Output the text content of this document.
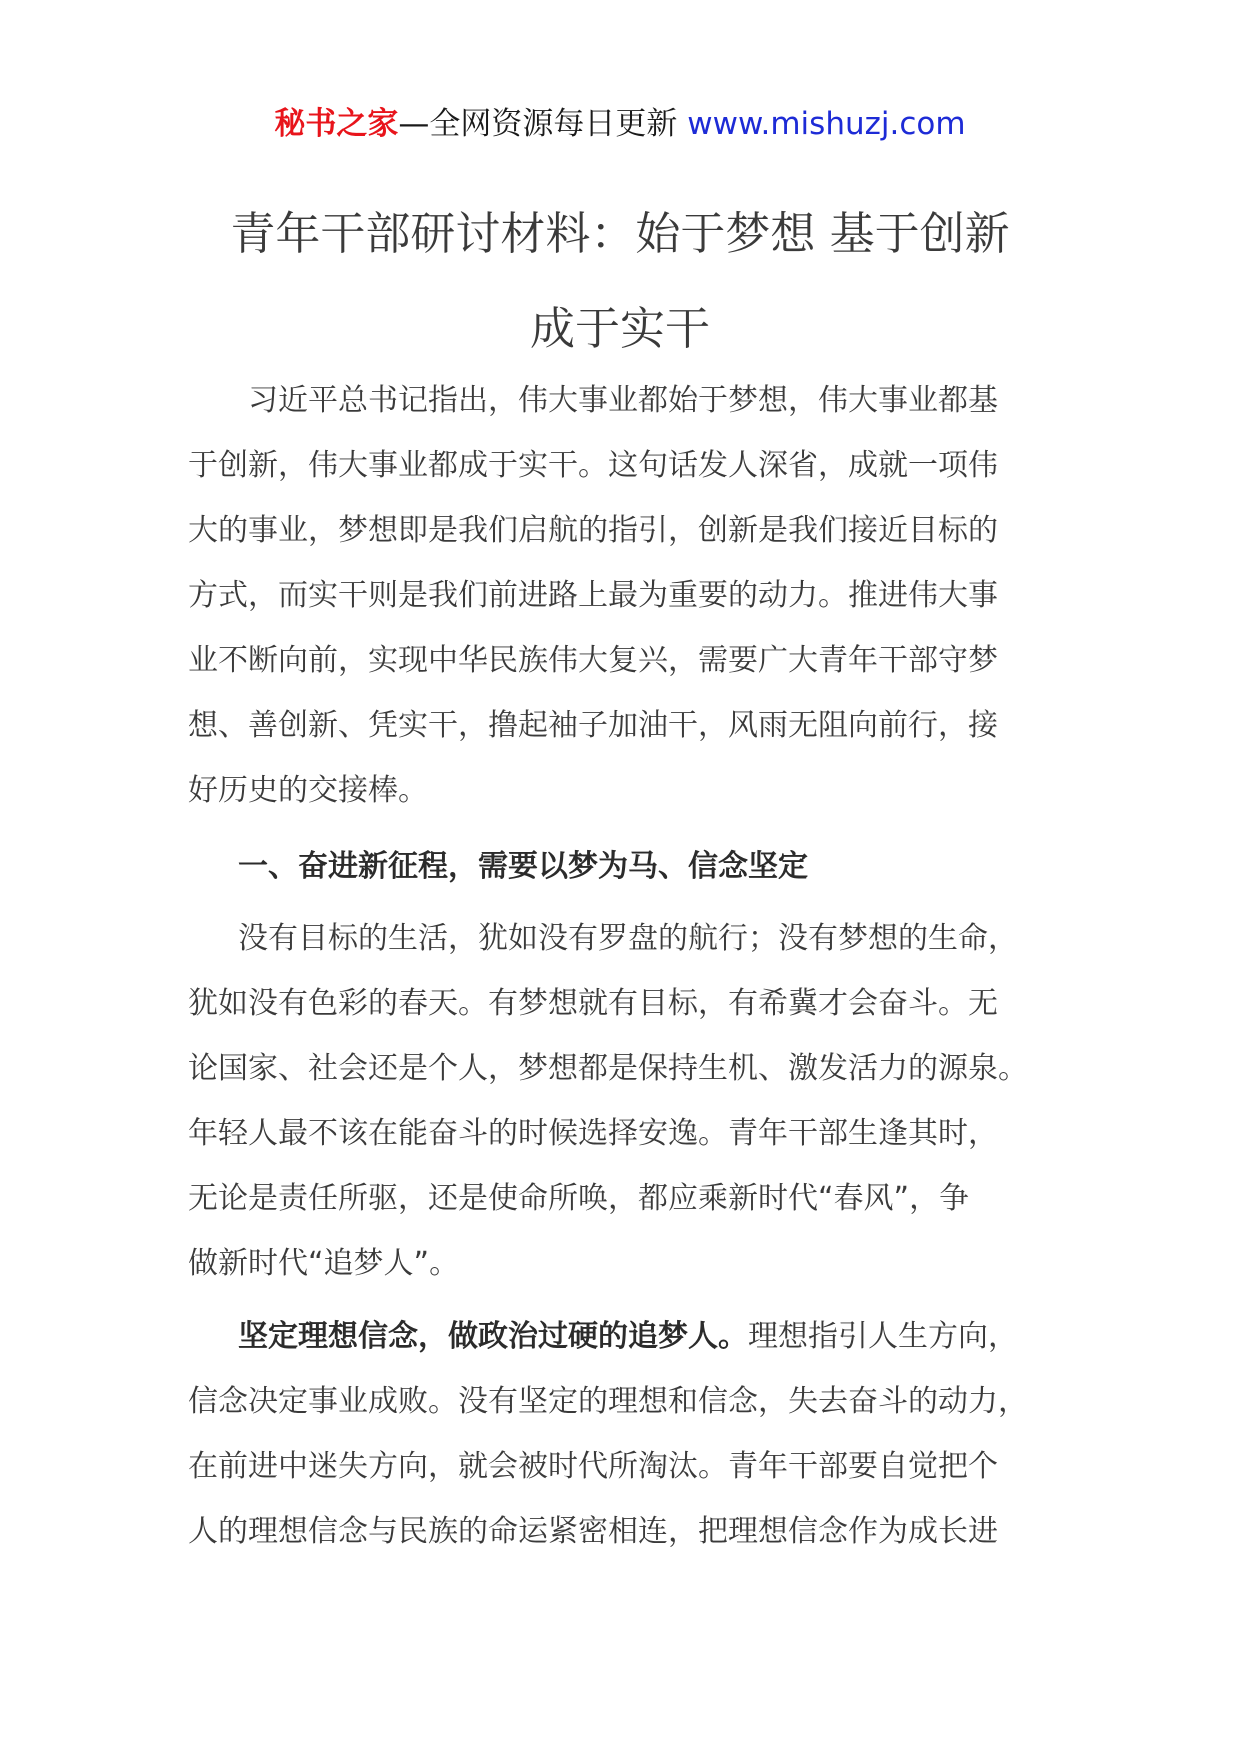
秘书之家—全网资源每日更新 www.mishuzj.com
青年干部研讨材料：始于梦想 基于创新
成于实干
习近平总书记指出，伟大事业都始于梦想，伟大事业都基
于创新，伟大事业都成于实干。这句话发人深省，成就一项伟
大的事业，梦想即是我们启航的指引，创新是我们接近目标的
方式，而实干则是我们前进路上最为重要的动力。推进伟大事
业不断向前，实现中华民族伟大复兴，需要广大青年干部守梦
想、善创新、凭实干，撸起袖子加油干，风雨无阻向前行，接
好历史的交接棒。
一、奋进新征程，需要以梦为马、信念坚定
没有目标的生活，犹如没有罗盘的航行；没有梦想的生命，
犹如没有色彩的春天。有梦想就有目标，有希冀才会奋斗。无
论国家、社会还是个人，梦想都是保持生机、激发活力的源泉。
年轻人最不该在能奋斗的时候选择安逸。青年干部生逢其时，
无论是责任所驱，还是使命所唤，都应乘新时代“春风”，争
做新时代“追梦人”。
坚定理想信念，做政治过硬的追梦人。理想指引人生方向，
信念决定事业成败。没有坚定的理想和信念，失去奋斗的动力，
在前进中迷失方向，就会被时代所淘汰。青年干部要自觉把个
人的理想信念与民族的命运紧密相连，把理想信念作为成长进
